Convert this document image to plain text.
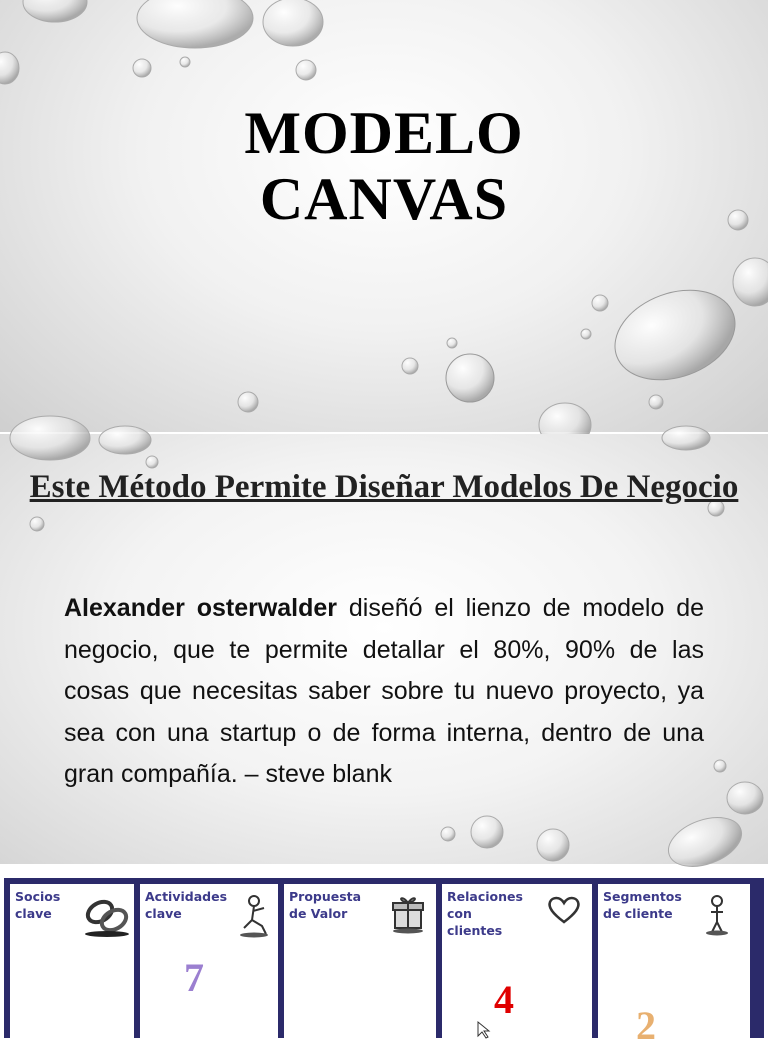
MODELO
CANVAS
Este Método Permite Diseñar Modelos De Negocio
Alexander osterwalder diseñó el lienzo de modelo de negocio, que te permite detallar el 80%, 90% de las cosas que necesitas saber sobre tu nuevo proyecto, ya sea con una startup o de forma interna, dentro de una gran compañía. – steve blank
Socios clave
Actividades clave
7
Propuesta de Valor
Relaciones con clientes
4
Segmentos de cliente
2
